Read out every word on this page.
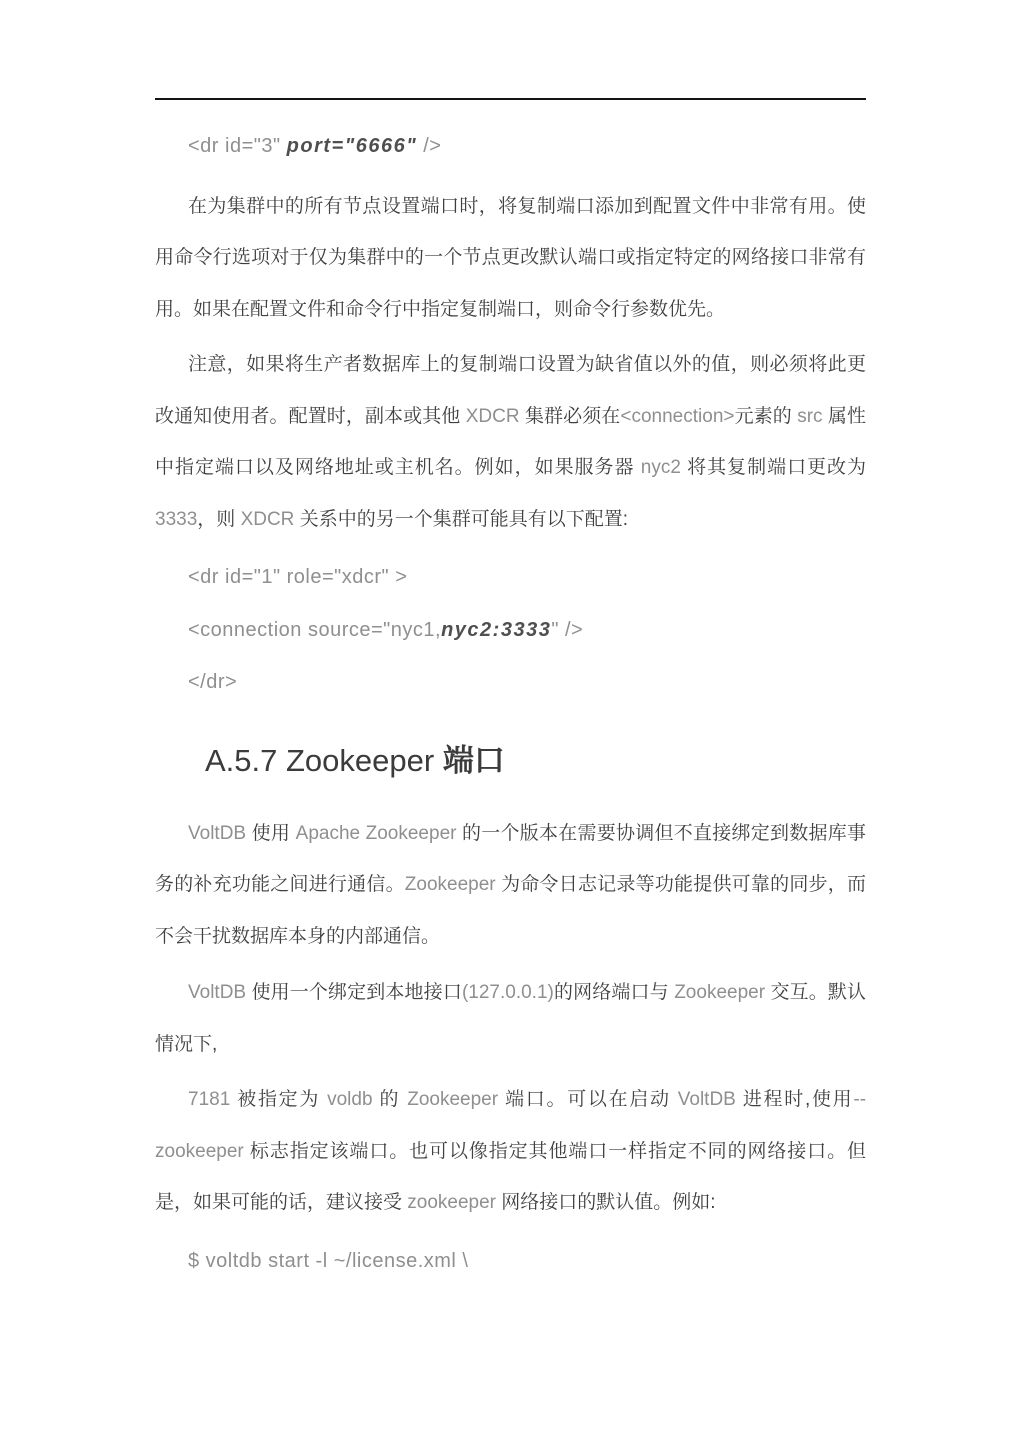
<dr id="3" port="6666" />

在为集群中的所有节点设置端口时，将复制端口添加到配置文件中非常有用。使用命令行选项对于仅为集群中的一个节点更改默认端口或指定特定的网络接口非常有用。如果在配置文件和命令行中指定复制端口，则命令行参数优先。

注意，如果将生产者数据库上的复制端口设置为缺省值以外的值，则必须将此更改通知使用者。配置时，副本或其他 XDCR 集群必须在<connection>元素的 src 属性中指定端口以及网络地址或主机名。例如，如果服务器 nyc2 将其复制端口更改为 3333，则 XDCR 关系中的另一个集群可能具有以下配置:

<dr id="1" role="xdcr" >

<connection source="nyc1,nyc2:3333" />

</dr>

A.5.7 Zookeeper 端口

VoltDB 使用 Apache Zookeeper 的一个版本在需要协调但不直接绑定到数据库事务的补充功能之间进行通信。Zookeeper 为命令日志记录等功能提供可靠的同步，而不会干扰数据库本身的内部通信。

VoltDB 使用一个绑定到本地接口(127.0.0.1)的网络端口与 Zookeeper 交互。默认情况下,

7181 被指定为 voldb 的 Zookeeper 端口。可以在启动 VoltDB 进程时,使用--zookeeper 标志指定该端口。也可以像指定其他端口一样指定不同的网络接口。但是，如果可能的话，建议接受 zookeeper 网络接口的默认值。例如:

$ voltdb start -l ~/license.xml \
